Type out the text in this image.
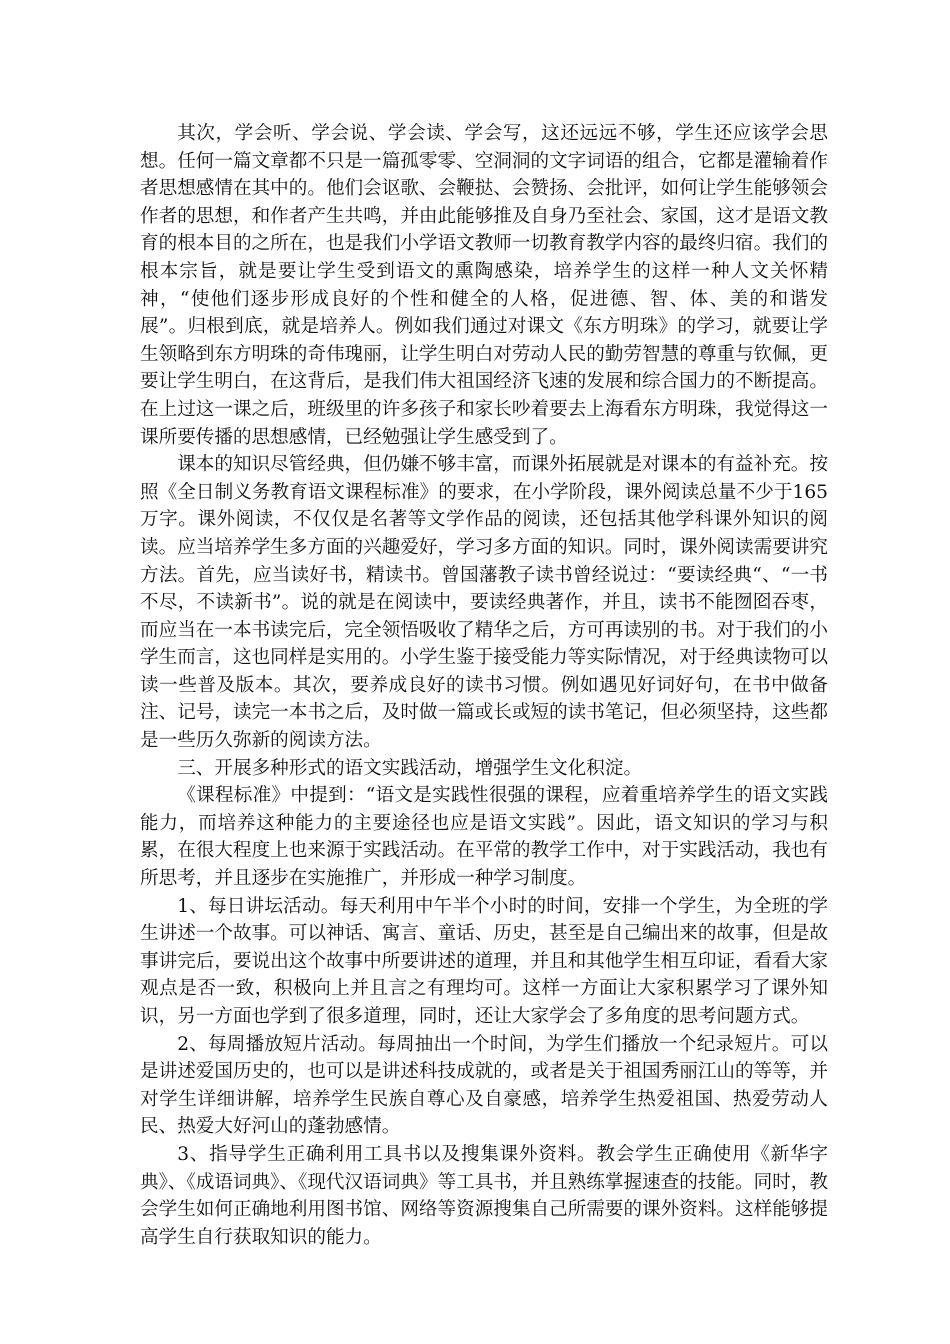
其次，学会听、学会说、学会读、学会写，这还远远不够，学生还应该学会思想。任何一篇文章都不只是一篇孤零零、空洞洞的文字词语的组合，它都是灌输着作者思想感情在其中的。他们会讴歌、会鞭挞、会赞扬、会批评，如何让学生能够领会作者的思想，和作者产生共鸣，并由此能够推及自身乃至社会、家国，这才是语文教育的根本目的之所在，也是我们小学语文教师一切教育教学内容的最终归宿。我们的根本宗旨，就是要让学生受到语文的熏陶感染，培养学生的这样一种人文关怀精神，“使他们逐步形成良好的个性和健全的人格，促进德、智、体、美的和谐发展”。归根到底，就是培养人。例如我们通过对课文《东方明珠》的学习，就要让学生领略到东方明珠的奇伟瑰丽，让学生明白对劳动人民的勤劳智慧的尊重与钦佩，更要让学生明白，在这背后，是我们伟大祖国经济飞速的发展和综合国力的不断提高。在上过这一课之后，班级里的许多孩子和家长吵着要去上海看东方明珠，我觉得这一课所要传播的思想感情，已经勉强让学生感受到了。

课本的知识尽管经典，但仍嫌不够丰富，而课外拓展就是对课本的有益补充。按照《全日制义务教育语文课程标准》的要求，在小学阶段，课外阅读总量不少于165万字。课外阅读，不仅仅是名著等文学作品的阅读，还包括其他学科课外知识的阅读。应当培养学生多方面的兴趣爱好，学习多方面的知识。同时，课外阅读需要讲究方法。首先，应当读好书，精读书。曾国藩教子读书曾经说过：“要读经典“、“一书不尽，不读新书”。说的就是在阅读中，要读经典著作，并且，读书不能囫囵吞枣，而应当在一本书读完后，完全领悟吸收了精华之后，方可再读别的书。对于我们的小学生而言，这也同样是实用的。小学生鉴于接受能力等实际情况，对于经典读物可以读一些普及版本。其次，要养成良好的读书习惯。例如遇见好词好句，在书中做备注、记号，读完一本书之后，及时做一篇或长或短的读书笔记，但必须坚持，这些都是一些历久弥新的阅读方法。

三、开展多种形式的语文实践活动，增强学生文化积淀。

《课程标准》中提到：“语文是实践性很强的课程，应着重培养学生的语文实践能力，而培养这种能力的主要途径也应是语文实践”。因此，语文知识的学习与积累，在很大程度上也来源于实践活动。在平常的教学工作中，对于实践活动，我也有所思考，并且逐步在实施推广，并形成一种学习制度。

1、每日讲坛活动。每天利用中午半个小时的时间，安排一个学生，为全班的学生讲述一个故事。可以神话、寓言、童话、历史，甚至是自己编出来的故事，但是故事讲完后，要说出这个故事中所要讲述的道理，并且和其他学生相互印证，看看大家观点是否一致，积极向上并且言之有理均可。这样一方面让大家积累学习了课外知识，另一方面也学到了很多道理，同时，还让大家学会了多角度的思考问题方式。

2、每周播放短片活动。每周抽出一个时间，为学生们播放一个纪录短片。可以是讲述爱国历史的，也可以是讲述科技成就的，或者是关于祖国秀丽江山的等等，并对学生详细讲解，培养学生民族自尊心及自豪感，培养学生热爱祖国、热爱劳动人民、热爱大好河山的蓬勃感情。

3、指导学生正确利用工具书以及搜集课外资料。教会学生正确使用《新华字典》、《成语词典》、《现代汉语词典》等工具书，并且熟练掌握速查的技能。同时，教会学生如何正确地利用图书馆、网络等资源搜集自己所需要的课外资料。这样能够提高学生自行获取知识的能力。
